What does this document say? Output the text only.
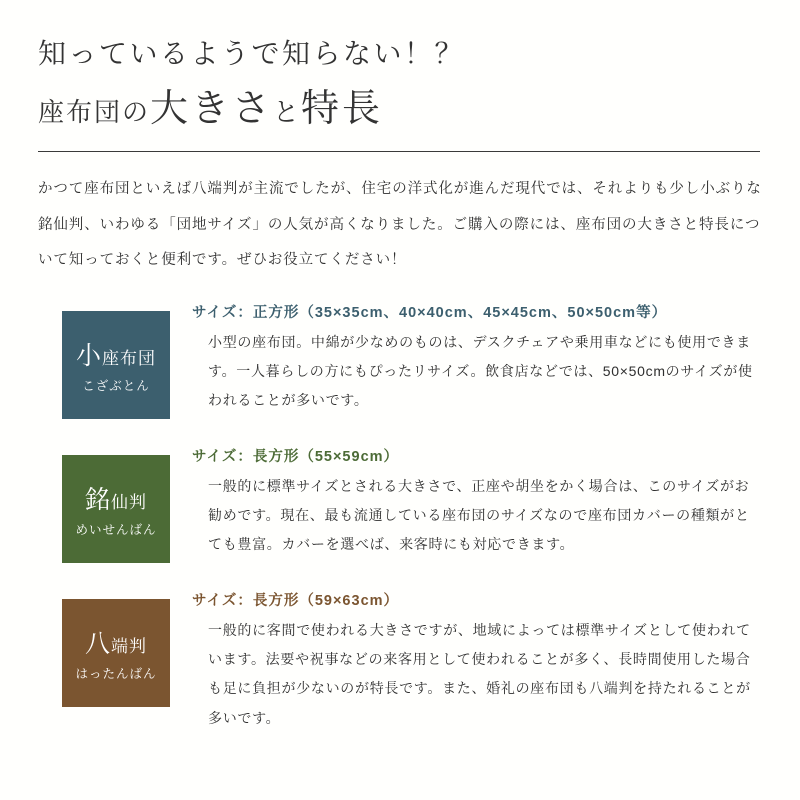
知っているようで知らない！？
座布団の大きさと特長

かつて座布団といえば八端判が主流でしたが、住宅の洋式化が進んだ現代では、それよりも少し小ぶりな銘仙判、いわゆる「団地サイズ」の人気が高くなりました。ご購入の際には、座布団の大きさと特長について知っておくと便利です。ぜひお役立てください！

小座布団
こざぶとん
サイズ：正方形（35×35cm、40×40cm、45×45cm、50×50cm等）
小型の座布団。中綿が少なめのものは、デスクチェアや乗用車などにも使用できます。一人暮らしの方にもぴったリサイズ。飲食店などでは、50×50cmのサイズが使われることが多いです。
銘仙判
めいせんばん
サイズ：長方形（55×59cm）
一般的に標準サイズとされる大きさで、正座や胡坐をかく場合は、このサイズがお勧めです。現在、最も流通している座布団のサイズなので座布団カバーの種類がとても豊富。カバーを選べば、来客時にも対応できます。
八端判
はったんばん
サイズ：長方形（59×63cm）
一般的に客間で使われる大きさですが、地域によっては標準サイズとして使われています。法要や祝事などの来客用として使われることが多く、長時間使用した場合も足に負担が少ないのが特長です。また、婚礼の座布団も八端判を持たれることが多いです。
